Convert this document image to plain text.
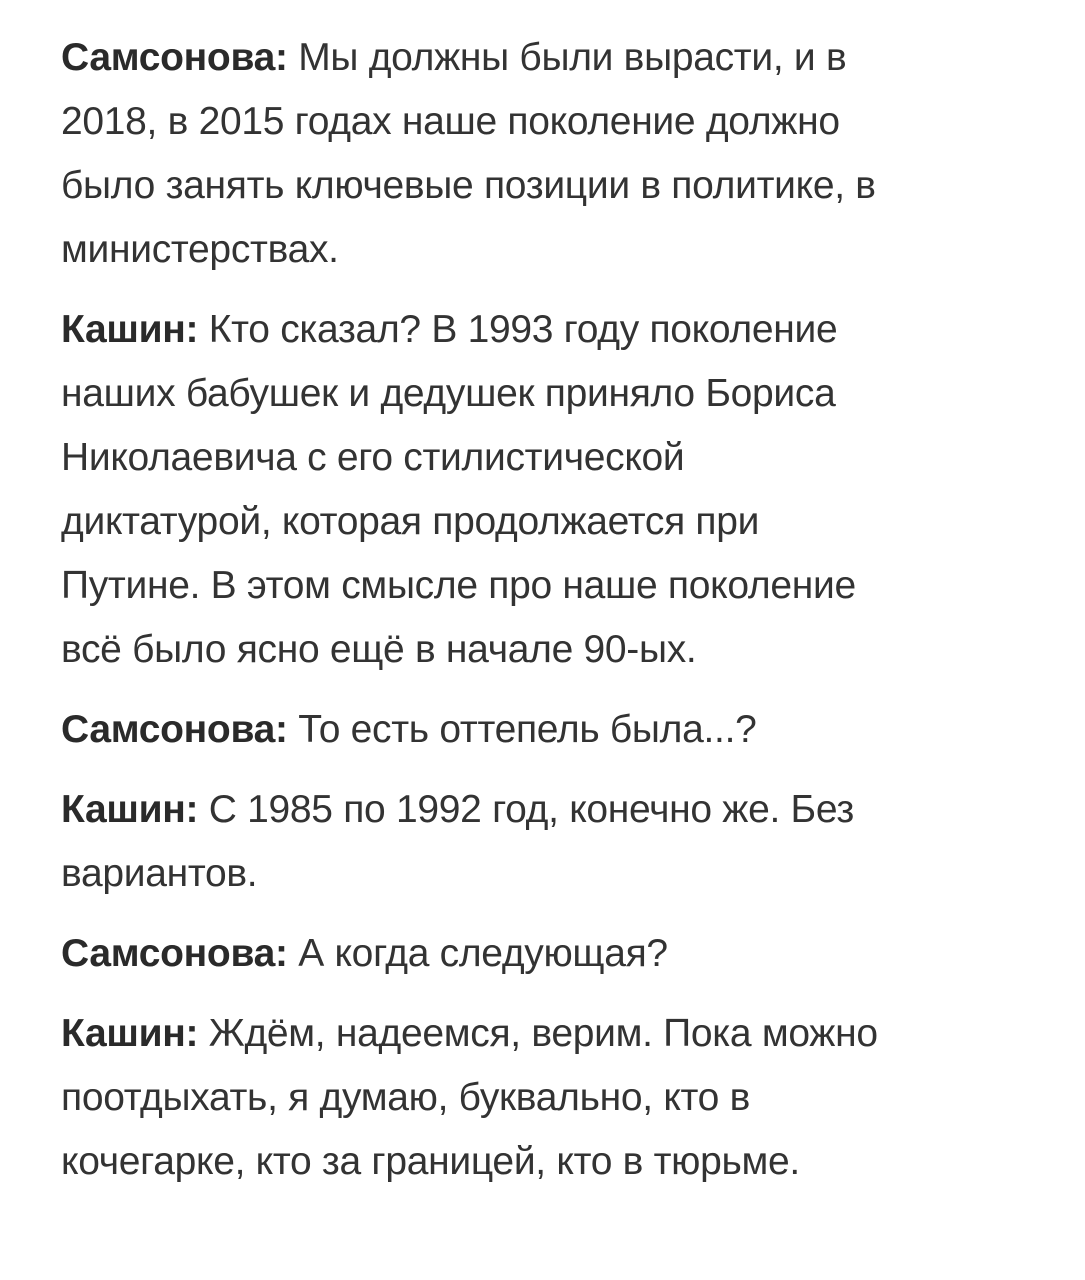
Самсонова: Мы должны были вырасти, и в
2018, в 2015 годах наше поколение должно
было занять ключевые позиции в политике, в
министерствах.

Кашин: Кто сказал? В 1993 году поколение
наших бабушек и дедушек приняло Бориса
Николаевича с его стилистической
диктатурой, которая продолжается при
Путине. В этом смысле про наше поколение
всё было ясно ещё в начале 90-ых.

Самсонова: То есть оттепель была...?

Кашин: С 1985 по 1992 год, конечно же. Без
вариантов.

Самсонова: А когда следующая?

Кашин: Ждём, надеемся, верим. Пока можно
поотдыхать, я думаю, буквально, кто в
кочегарке, кто за границей, кто в тюрьме.
